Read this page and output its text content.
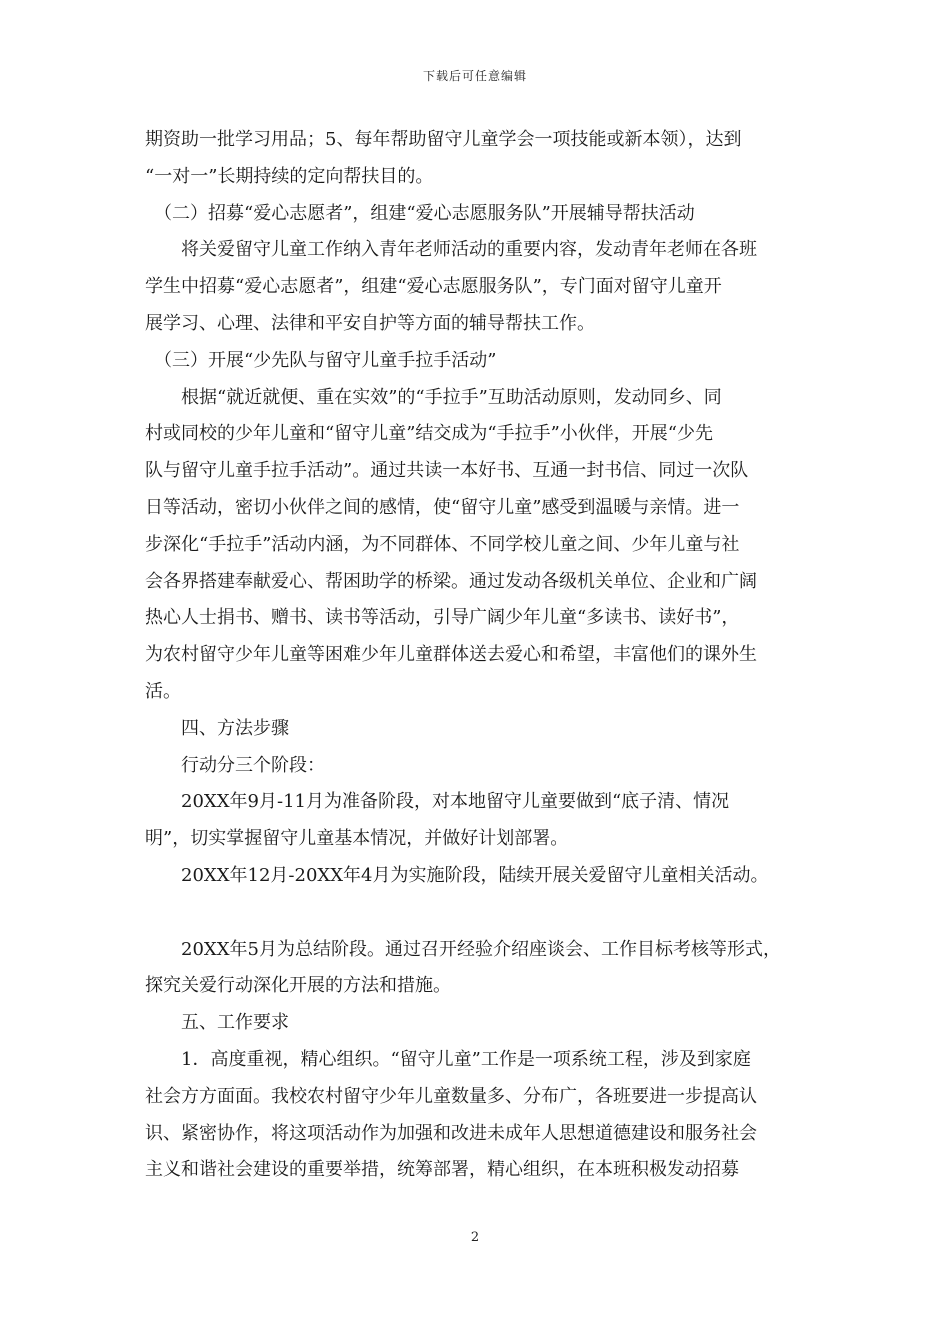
下载后可任意编辑
期资助一批学习用品；5、每年帮助留守儿童学会一项技能或新本领），达到
“一对一”长期持续的定向帮扶目的。
　（二）招募“爱心志愿者”，组建“爱心志愿服务队”开展辅导帮扶活动
　　将关爱留守儿童工作纳入青年老师活动的重要内容，发动青年老师在各班
学生中招募“爱心志愿者”，组建“爱心志愿服务队”，专门面对留守儿童开
展学习、心理、法律和平安自护等方面的辅导帮扶工作。
　（三）开展“少先队与留守儿童手拉手活动”
　　根据“就近就便、重在实效”的“手拉手”互助活动原则，发动同乡、同
村或同校的少年儿童和“留守儿童”结交成为“手拉手”小伙伴，开展“少先
队与留守儿童手拉手活动”。通过共读一本好书、互通一封书信、同过一次队
日等活动，密切小伙伴之间的感情，使“留守儿童”感受到温暖与亲情。进一
步深化“手拉手”活动内涵，为不同群体、不同学校儿童之间、少年儿童与社
会各界搭建奉献爱心、帮困助学的桥梁。通过发动各级机关单位、企业和广阔
热心人士捐书、赠书、读书等活动，引导广阔少年儿童“多读书、读好书”，
为农村留守少年儿童等困难少年儿童群体送去爱心和希望，丰富他们的课外生
活。
　　四、方法步骤
　　行动分三个阶段：
　　20XX年9月-11月为准备阶段，对本地留守儿童要做到“底子清、情况
明”，切实掌握留守儿童基本情况，并做好计划部署。
　　20XX年12月-20XX年4月为实施阶段，陆续开展关爱留守儿童相关活动。
　　20XX年5月为总结阶段。通过召开经验介绍座谈会、工作目标考核等形式，
探究关爱行动深化开展的方法和措施。
　　五、工作要求
　　1．高度重视，精心组织。“留守儿童”工作是一项系统工程，涉及到家庭
社会方方面面。我校农村留守少年儿童数量多、分布广，各班要进一步提高认
识、紧密协作，将这项活动作为加强和改进未成年人思想道德建设和服务社会
主义和谐社会建设的重要举措，统筹部署，精心组织，在本班积极发动招募
2
